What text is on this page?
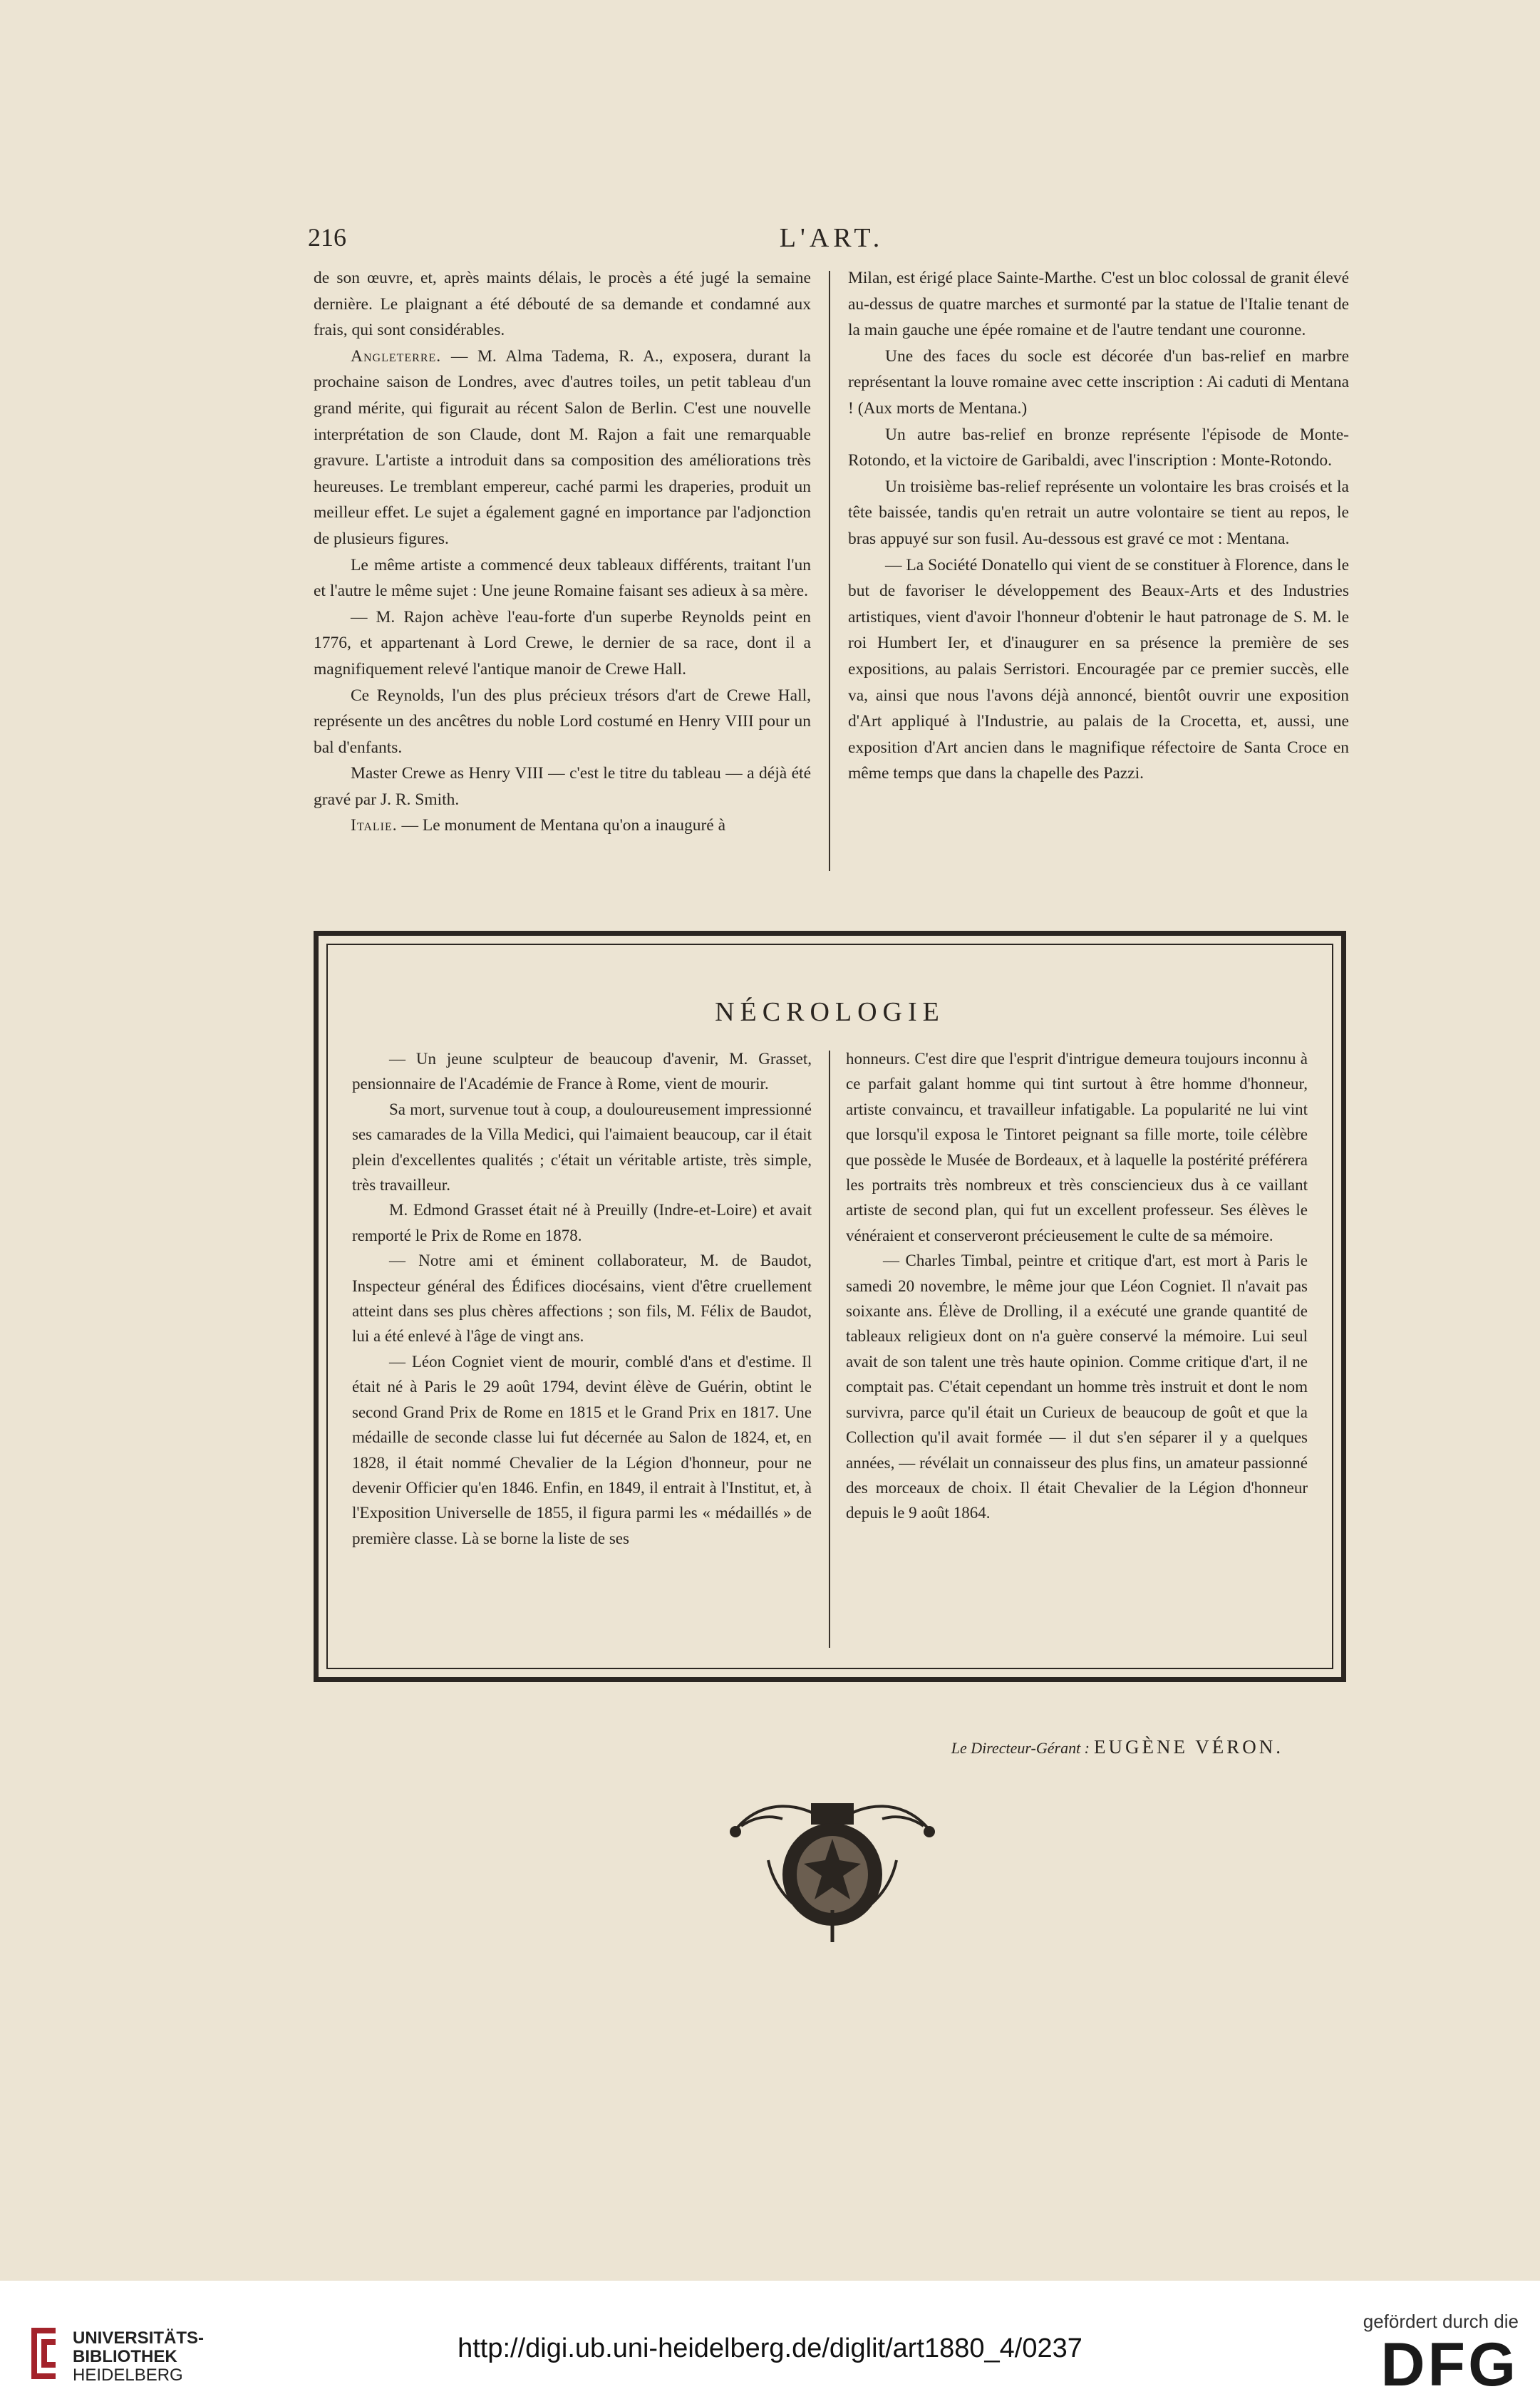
216	L'ART.

de son œuvre, et, après maints délais, le procès a été jugé la semaine dernière. Le plaignant a été débouté de sa demande et condamné aux frais, qui sont considérables.

Angleterre. — M. Alma Tadema, R. A., exposera, durant la prochaine saison de Londres, avec d'autres toiles, un petit tableau d'un grand mérite, qui figurait au récent Salon de Berlin. C'est une nouvelle interprétation de son Claude, dont M. Rajon a fait une remarquable gravure. L'artiste a introduit dans sa composition des améliorations très heureuses. Le tremblant empereur, caché parmi les draperies, produit un meilleur effet. Le sujet a également gagné en importance par l'adjonction de plusieurs figures.

Le même artiste a commencé deux tableaux différents, traitant l'un et l'autre le même sujet : Une jeune Romaine faisant ses adieux à sa mère.

— M. Rajon achève l'eau-forte d'un superbe Reynolds peint en 1776, et appartenant à Lord Crewe, le dernier de sa race, dont il a magnifiquement relevé l'antique manoir de Crewe Hall.

Ce Reynolds, l'un des plus précieux trésors d'art de Crewe Hall, représente un des ancêtres du noble Lord costumé en Henry VIII pour un bal d'enfants.

Master Crewe as Henry VIII — c'est le titre du tableau — a déjà été gravé par J. R. Smith.

Italie. — Le monument de Mentana qu'on a inauguré à

Milan, est érigé place Sainte-Marthe. C'est un bloc colossal de granit élevé au-dessus de quatre marches et surmonté par la statue de l'Italie tenant de la main gauche une épée romaine et de l'autre tendant une couronne.

Une des faces du socle est décorée d'un bas-relief en marbre représentant la louve romaine avec cette inscription : Ai caduti di Mentana ! (Aux morts de Mentana.)

Un autre bas-relief en bronze représente l'épisode de Monte-Rotondo, et la victoire de Garibaldi, avec l'inscription : Monte-Rotondo.

Un troisième bas-relief représente un volontaire les bras croisés et la tête baissée, tandis qu'en retrait un autre volontaire se tient au repos, le bras appuyé sur son fusil. Au-dessous est gravé ce mot : Mentana.

— La Société Donatello qui vient de se constituer à Florence, dans le but de favoriser le développement des Beaux-Arts et des Industries artistiques, vient d'avoir l'honneur d'obtenir le haut patronage de S. M. le roi Humbert Ier, et d'inaugurer en sa présence la première de ses expositions, au palais Serristori. Encouragée par ce premier succès, elle va, ainsi que nous l'avons déjà annoncé, bientôt ouvrir une exposition d'Art appliqué à l'Industrie, au palais de la Crocetta, et, aussi, une exposition d'Art ancien dans le magnifique réfectoire de Santa Croce en même temps que dans la chapelle des Pazzi.

NÉCROLOGIE

— Un jeune sculpteur de beaucoup d'avenir, M. Grasset, pensionnaire de l'Académie de France à Rome, vient de mourir.

Sa mort, survenue tout à coup, a douloureusement impressionné ses camarades de la Villa Medici, qui l'aimaient beaucoup, car il était plein d'excellentes qualités ; c'était un véritable artiste, très simple, très travailleur.

M. Edmond Grasset était né à Preuilly (Indre-et-Loire) et avait remporté le Prix de Rome en 1878.

— Notre ami et éminent collaborateur, M. de Baudot, Inspecteur général des Édifices diocésains, vient d'être cruellement atteint dans ses plus chères affections ; son fils, M. Félix de Baudot, lui a été enlevé à l'âge de vingt ans.

— Léon Cogniet vient de mourir, comblé d'ans et d'estime. Il était né à Paris le 29 août 1794, devint élève de Guérin, obtint le second Grand Prix de Rome en 1815 et le Grand Prix en 1817. Une médaille de seconde classe lui fut décernée au Salon de 1824, et, en 1828, il était nommé Chevalier de la Légion d'honneur, pour ne devenir Officier qu'en 1846. Enfin, en 1849, il entrait à l'Institut, et, à l'Exposition Universelle de 1855, il figura parmi les « médaillés » de première classe. Là se borne la liste de ses

honneurs. C'est dire que l'esprit d'intrigue demeura toujours inconnu à ce parfait galant homme qui tint surtout à être homme d'honneur, artiste convaincu, et travailleur infatigable. La popularité ne lui vint que lorsqu'il exposa le Tintoret peignant sa fille morte, toile célèbre que possède le Musée de Bordeaux, et à laquelle la postérité préférera les portraits très nombreux et très consciencieux dus à ce vaillant artiste de second plan, qui fut un excellent professeur. Ses élèves le vénéraient et conserveront précieusement le culte de sa mémoire.

— Charles Timbal, peintre et critique d'art, est mort à Paris le samedi 20 novembre, le même jour que Léon Cogniet. Il n'avait pas soixante ans. Élève de Drolling, il a exécuté une grande quantité de tableaux religieux dont on n'a guère conservé la mémoire. Lui seul avait de son talent une très haute opinion. Comme critique d'art, il ne comptait pas. C'était cependant un homme très instruit et dont le nom survivra, parce qu'il était un Curieux de beaucoup de goût et que la Collection qu'il avait formée — il dut s'en séparer il y a quelques années, — révélait un connaisseur des plus fins, un amateur passionné des morceaux de choix. Il était Chevalier de la Légion d'honneur depuis le 9 août 1864.

Le Directeur-Gérant : EUGÈNE VÉRON.
UNIVERSITÄTS-
BIBLIOTHEK
HEIDELBERG
http://digi.ub.uni-heidelberg.de/diglit/art1880_4/0237
gefördert durch die
DFG
